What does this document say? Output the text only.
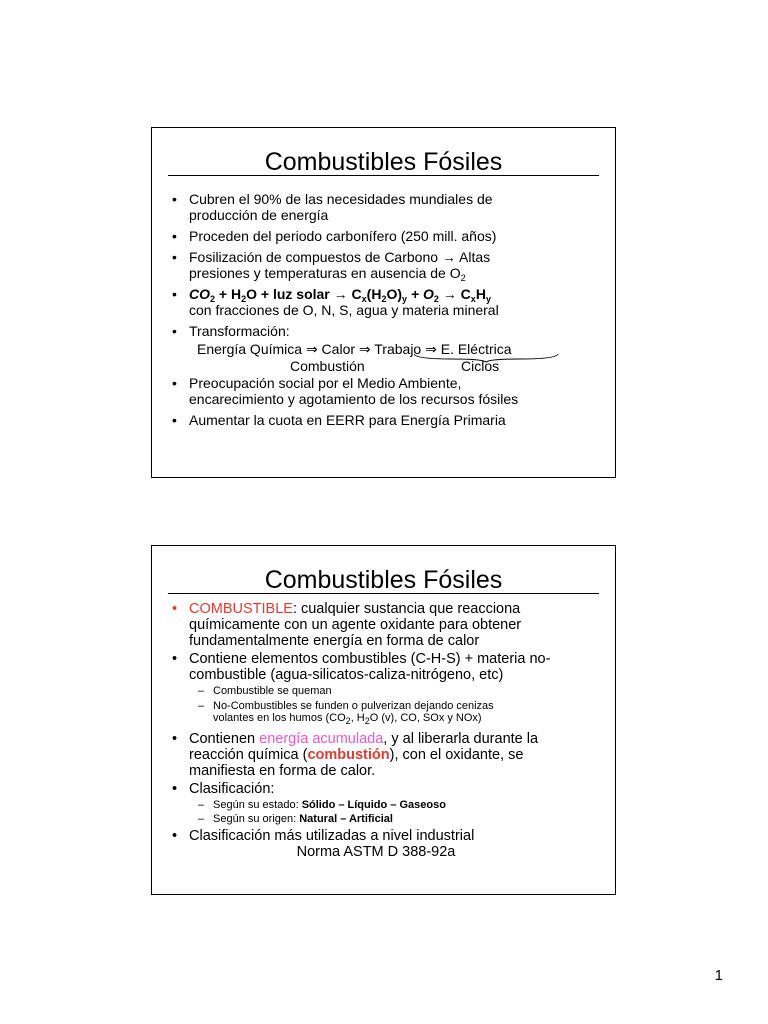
Combustibles Fósiles
• Cubren el 90% de las necesidades mundiales de
producción de energía
• Proceden del periodo carbonífero (250 mill. años)
• Fosilización de compuestos de Carbono → Altas
presiones y temperaturas en ausencia de $O_2$
• $CO_2 + H_2O$ + luz solar → $C_x(H_2O)_y + O_2 \to C_xH_y$
con fracciones de O, N, S, agua y materia mineral
• Transformación:
Energía Química ⇒ Calor ⇒ Trabajo ⇒ E. Eléctrica
Combustión	Ciclos
• Preocupación social por el Medio Ambiente,
encarecimiento y agotamiento de los recursos fósiles
• Aumentar la cuota en EERR para Energía Primaria
Combustibles Fósiles
• COMBUSTIBLE: cualquier sustancia que reacciona
químicamente con un agente oxidante para obtener
fundamentalmente energía en forma de calor
• Contiene elementos combustibles (C-H-S) + materia no-
combustible (agua-silicatos-caliza-nitrógeno, etc)
– Combustible se queman
– No-Combustibles se funden o pulverizan dejando cenizas
volantes en los humos ($CO_2$, $H_2O$ (v), CO, SOx y NOx)
• Contienen energía acumulada, y al liberarla durante la
reacción química (combustión), con el oxidante, se
manifiesta en forma de calor.
• Clasificación:
– Según su estado: Sólido – Líquido – Gaseoso
– Según su origen: Natural – Artificial
• Clasificación más utilizadas a nivel industrial
Norma ASTM D 388-92a
1
